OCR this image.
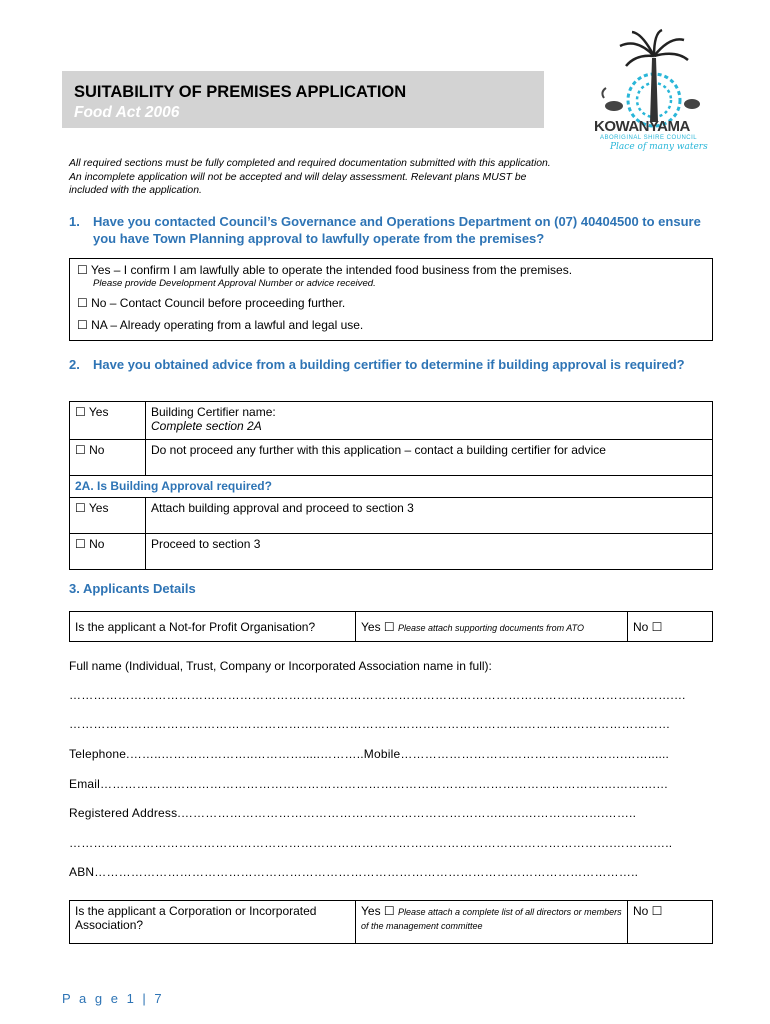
SUITABILITY OF PREMISES APPLICATION
Food Act 2006
KOWANYAMA
ABORIGINAL SHIRE COUNCIL
Place of many waters
All required sections must be fully completed and required documentation submitted with this application. An incomplete application will not be accepted and will delay assessment. Relevant plans MUST be included with the application.
1.	Have you contacted Council’s Governance and Operations Department on (07) 40404500 to ensure you have Town Planning approval to lawfully operate from the premises?
☐ Yes – I confirm I am lawfully able to operate the intended food business from the premises.
Please provide Development Approval Number or advice received.
☐ No – Contact Council before proceeding further.
☐ NA – Already operating from a lawful and legal use.
2.	Have you obtained advice from a building certifier to determine if building approval is required?
☐ Yes	Building Certifier name:
Complete section 2A

☐ No	Do not proceed any further with this application – contact a building certifier for advice
2A. Is Building Approval required?	
☐ Yes	Attach building approval and proceed to section 3
☐ No	Proceed to section 3
3. Applicants Details
Is the applicant a Not-for Profit Organisation?	Yes ☐ Please attach supporting documents from ATO	No ☐
Full name (Individual, Trust, Company or Incorporated Association name in full):
………………………………………………………………………………………………………………………….……….…
………………………………………………………………………………………………….………………………………
Telephone.……..…………………..………….....………..Mobile……………………………………………….……......
Email……………………………………………………………………………………………………………….……….…
Registered Address.……………………………………………………………………..….….……….…….……..
………………………………………………………………………………………………….………………….……….…..
ABN……………………………………………………………………………………………………………………..
Is the applicant a Corporation or Incorporated Association?	Yes ☐ Please attach a complete list of all directors or members of the management committee	No ☐
P a g e 1 | 7
